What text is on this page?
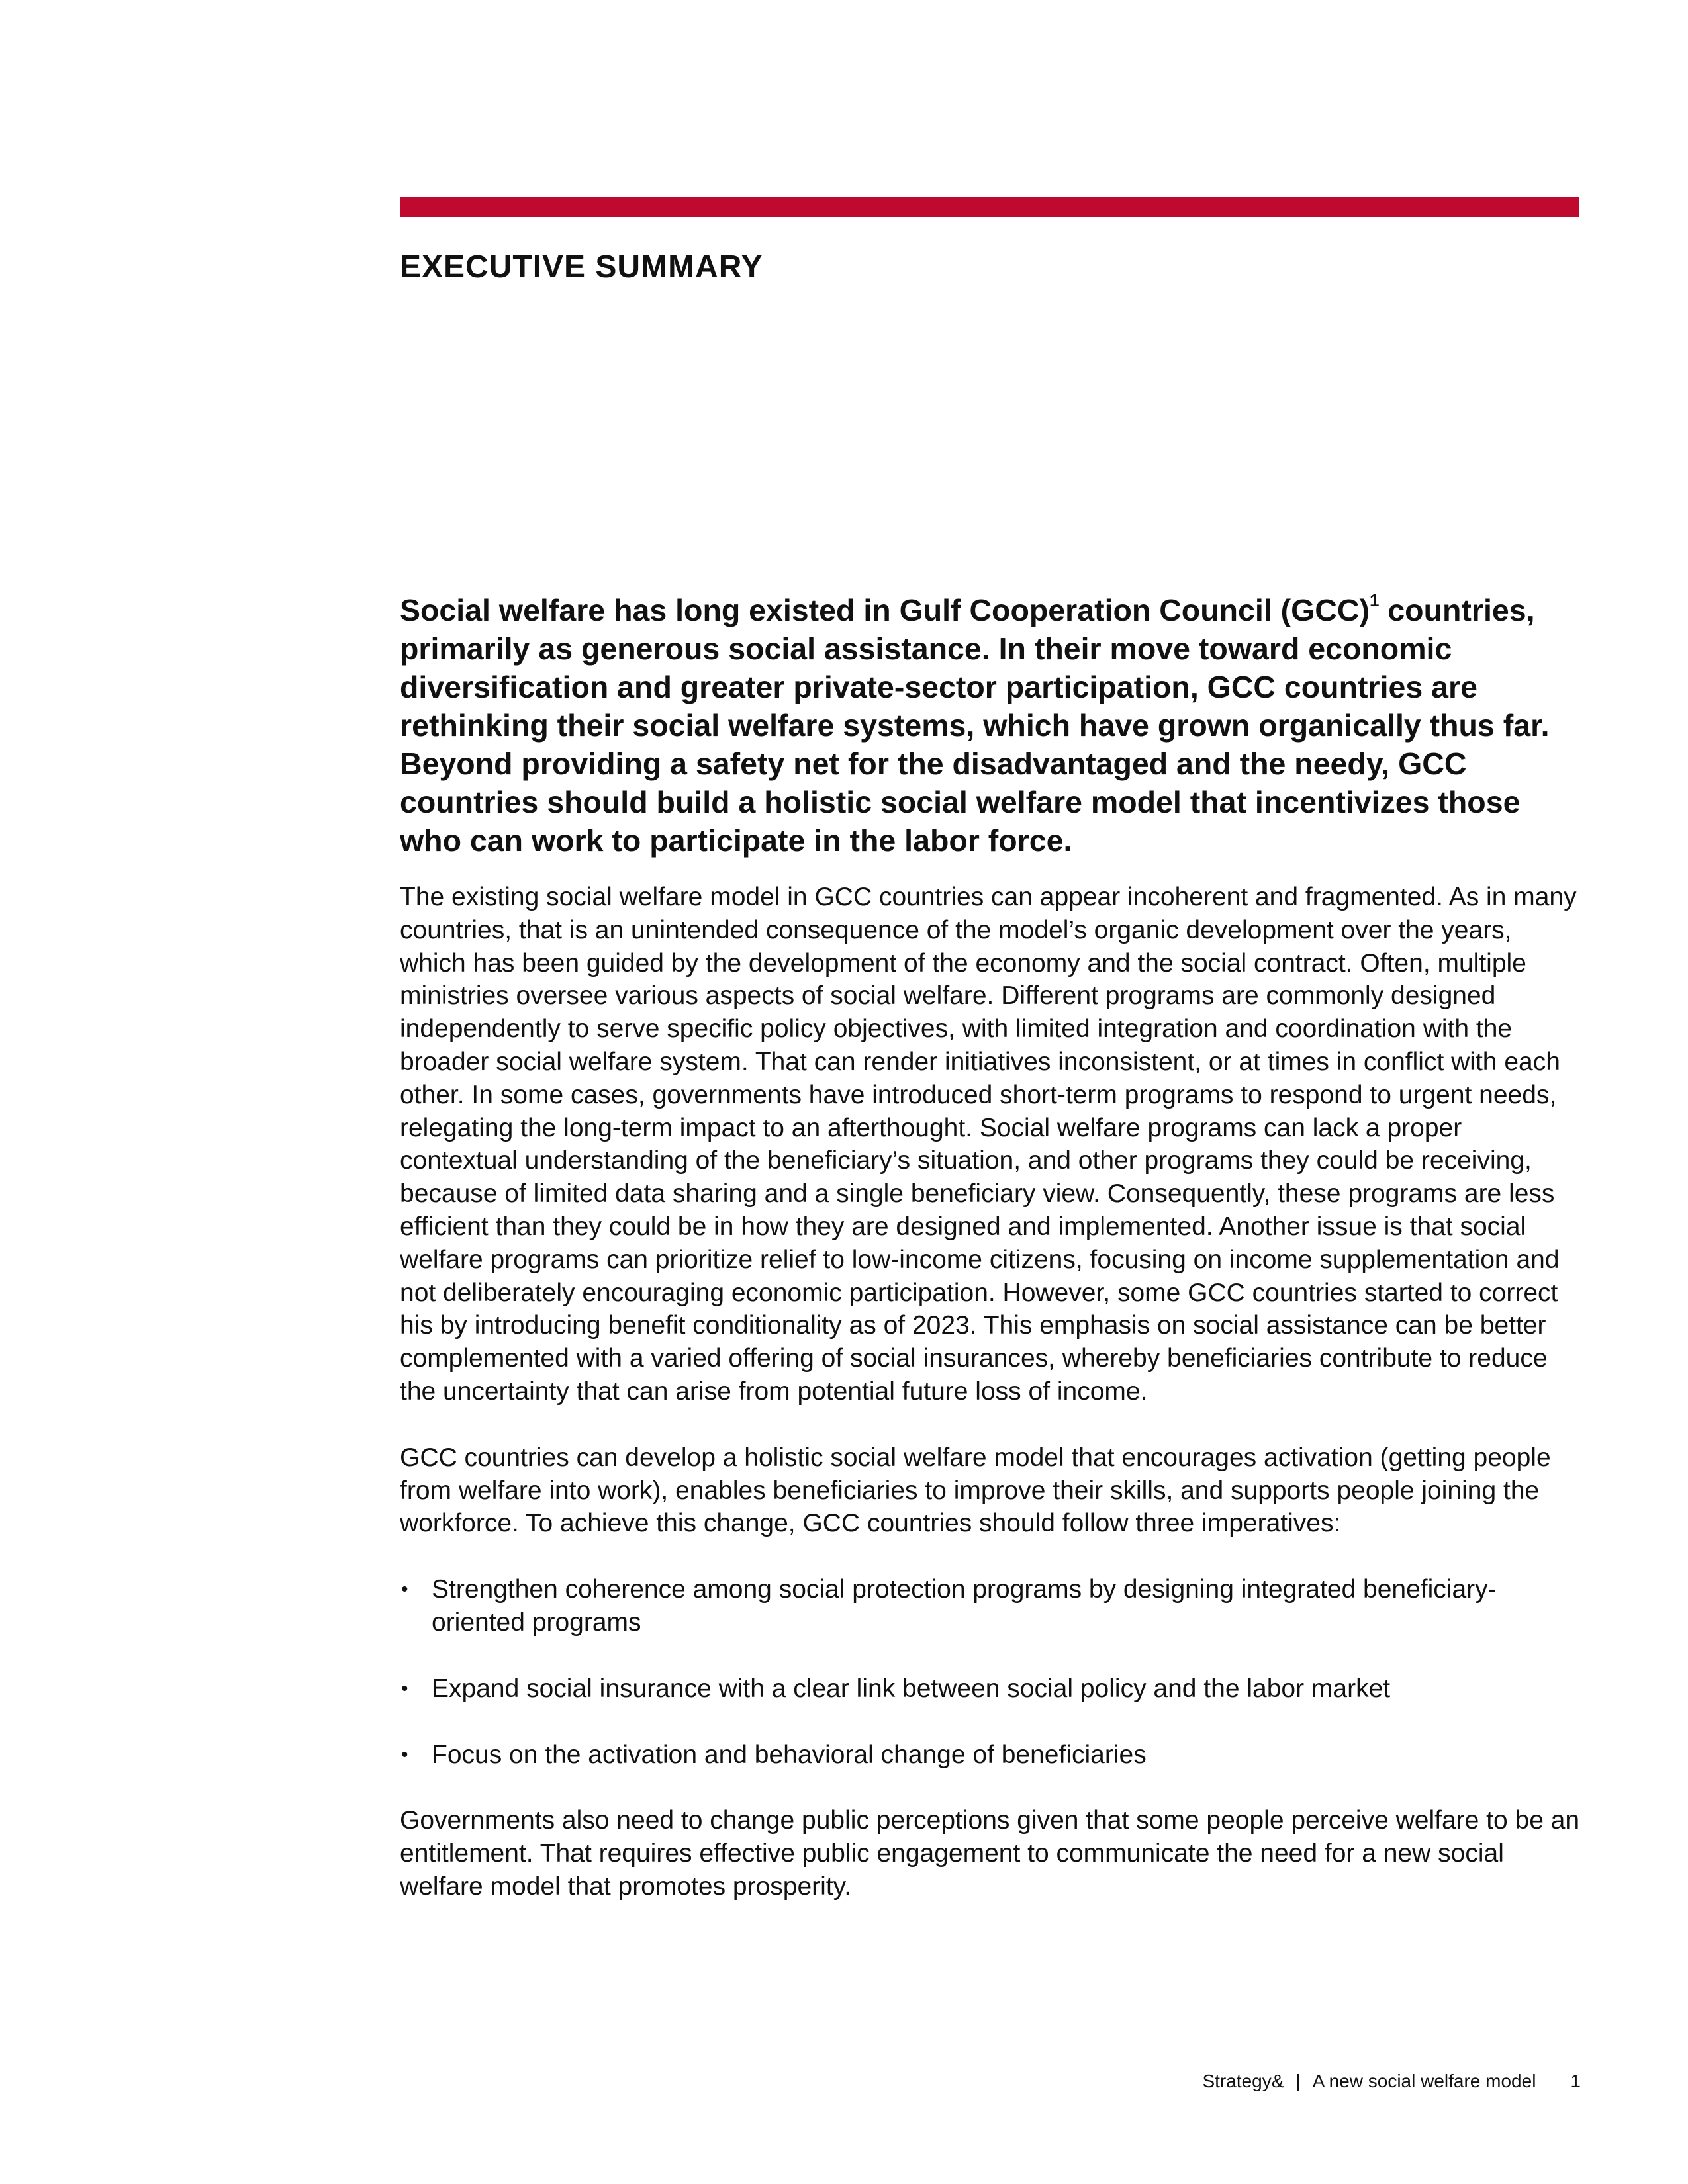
EXECUTIVE SUMMARY

Social welfare has long existed in Gulf Cooperation Council (GCC)$^1$ countries, primarily as generous social assistance. In their move toward economic diversification and greater private-sector participation, GCC countries are rethinking their social welfare systems, which have grown organically thus far. Beyond providing a safety net for the disadvantaged and the needy, GCC countries should build a holistic social welfare model that incentivizes those who can work to participate in the labor force.

The existing social welfare model in GCC countries can appear incoherent and fragmented. As in many countries, that is an unintended consequence of the model’s organic development over the years, which has been guided by the development of the economy and the social contract. Often, multiple ministries oversee various aspects of social welfare. Different programs are commonly designed independently to serve specific policy objectives, with limited integration and coordination with the broader social welfare system. That can render initiatives inconsistent, or at times in conflict with each other. In some cases, governments have introduced short-term programs to respond to urgent needs, relegating the long-term impact to an afterthought. Social welfare programs can lack a proper contextual understanding of the beneficiary’s situation, and other programs they could be receiving, because of limited data sharing and a single beneficiary view. Consequently, these programs are less efficient than they could be in how they are designed and implemented. Another issue is that social welfare programs can prioritize relief to low-income citizens, focusing on income supplementation and not deliberately encouraging economic participation. However, some GCC countries started to correct his by introducing benefit conditionality as of 2023. This emphasis on social assistance can be better complemented with a varied offering of social insurances, whereby beneficiaries contribute to reduce the uncertainty that can arise from potential future loss of income.

GCC countries can develop a holistic social welfare model that encourages activation (getting people from welfare into work), enables beneficiaries to improve their skills, and supports people joining the workforce. To achieve this change, GCC countries should follow three imperatives:

• Strengthen coherence among social protection programs by designing integrated beneficiary-oriented programs
• Expand social insurance with a clear link between social policy and the labor market
• Focus on the activation and behavioral change of beneficiaries

Governments also need to change public perceptions given that some people perceive welfare to be an entitlement. That requires effective public engagement to communicate the need for a new social welfare model that promotes prosperity.

Strategy& | A new social welfare model 1
